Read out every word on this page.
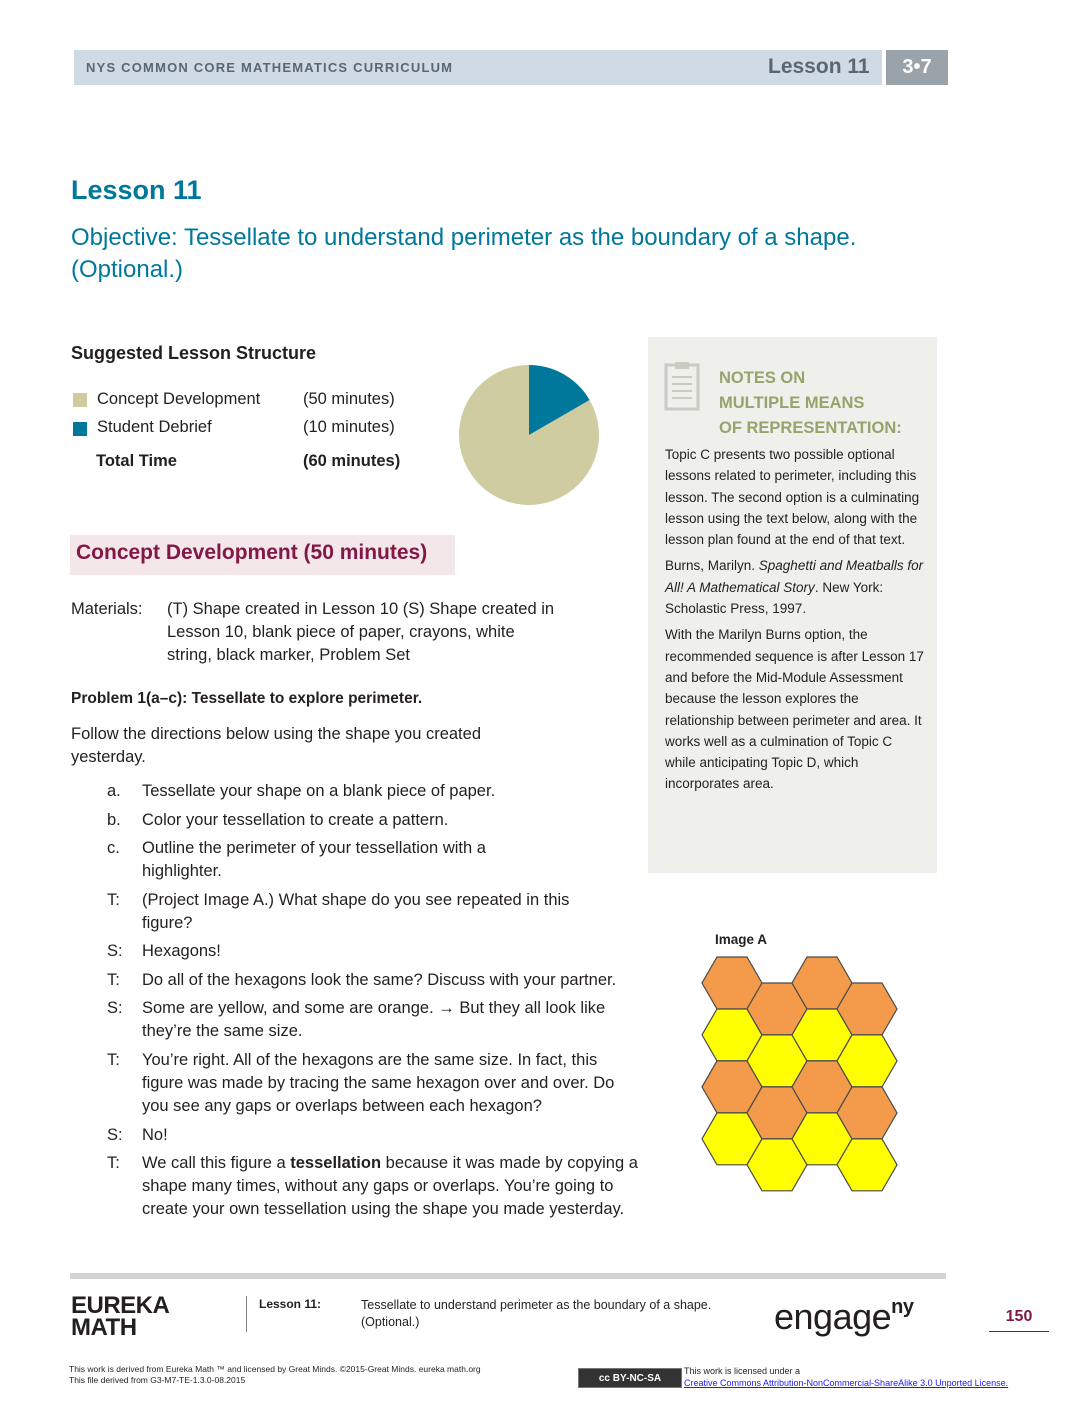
NYS COMMON CORE MATHEMATICS CURRICULUM	Lesson 11	3•7
Lesson 11
Objective: Tessellate to understand perimeter as the boundary of a shape. (Optional.)
Suggested Lesson Structure
Concept Development	(50 minutes)
Student Debrief	(10 minutes)
Total Time	(60 minutes)
NOTES ON
MULTIPLE MEANS
OF REPRESENTATION:

Topic C presents two possible optional lessons related to perimeter, including this lesson. The second option is a culminating lesson using the text below, along with the lesson plan found at the end of that text.

Burns, Marilyn. Spaghetti and Meatballs for All! A Mathematical Story. New York: Scholastic Press, 1997.

With the Marilyn Burns option, the recommended sequence is after Lesson 17 and before the Mid-Module Assessment because the lesson explores the relationship between perimeter and area. It works well as a culmination of Topic C while anticipating Topic D, which incorporates area.

Concept Development (50 minutes)
Materials: (T) Shape created in Lesson 10 (S) Shape created in
Lesson 10, blank piece of paper, crayons, white
string, black marker, Problem Set
Problem 1(a–c): Tessellate to explore perimeter.
Follow the directions below using the shape you created
yesterday.
a. Tessellate your shape on a blank piece of paper.
b. Color your tessellation to create a pattern.
c. Outline the perimeter of your tessellation with a
highlighter.
T: (Project Image A.) What shape do you see repeated in this
figure?
S: Hexagons!
T: Do all of the hexagons look the same? Discuss with your partner.
S: Some are yellow, and some are orange. → But they all look like
they’re the same size.
T: You’re right. All of the hexagons are the same size. In fact, this
figure was made by tracing the same hexagon over and over. Do
you see any gaps or overlaps between each hexagon?
S: No!
T: We call this figure a tessellation because it was made by copying a
shape many times, without any gaps or overlaps. You’re going to
create your own tessellation using the shape you made yesterday.
Image A
EUREKA
MATH
Lesson 11:	Tessellate to understand perimeter as the boundary of a shape.
(Optional.)	engage$^{ny}$	150
This work is derived from Eureka Math ™ and licensed by Great Minds. ©2015-Great Minds. eureka math.org
This file derived from G3-M7-TE-1.3.0-08.2015	cc BY-NC-SA
This work is licensed under a
Creative Commons Attribution-NonCommercial-ShareAlike 3.0 Unported License.
